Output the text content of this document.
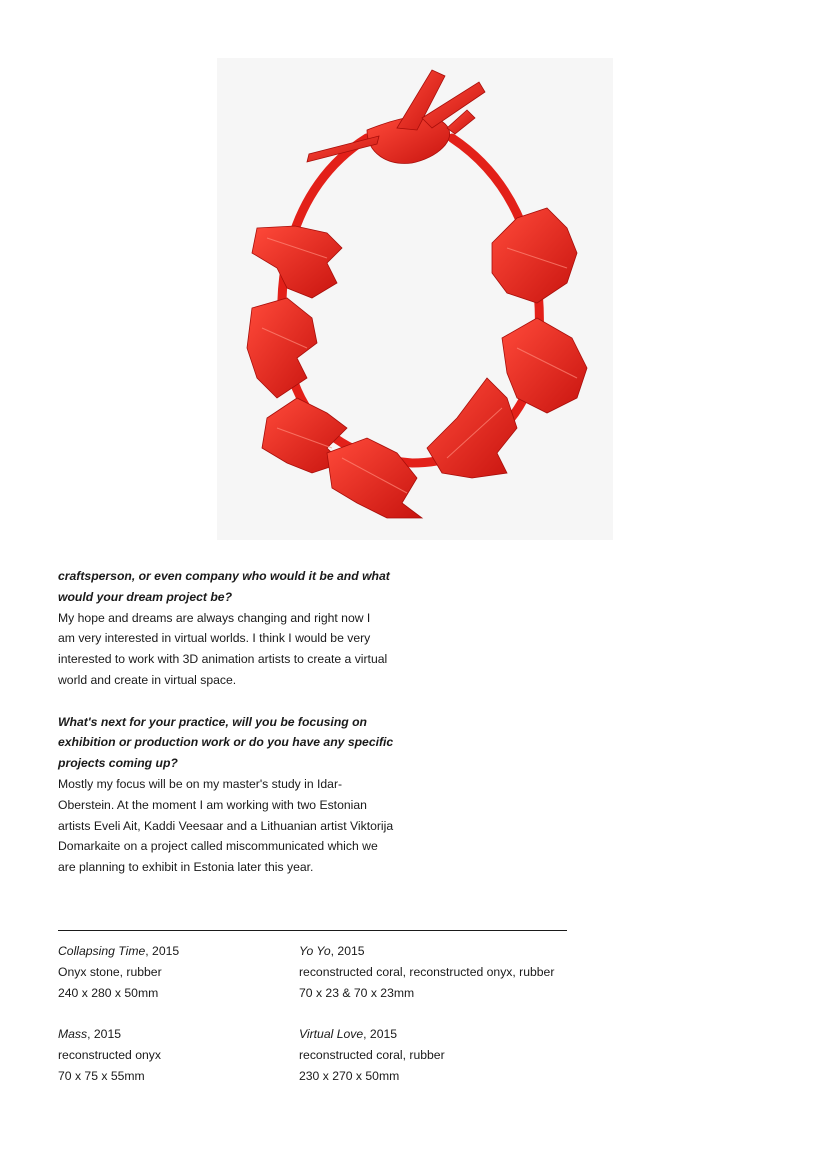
craftsperson, or even company who would it be and what

would your dream project be?

My hope and dreams are always changing and right now I

am very interested in virtual worlds. I think I would be very

interested to work with 3D animation artists to create a virtual

world and create in virtual space.

What's next for your practice, will you be focusing on

exhibition or production work or do you have any specific

projects coming up?

Mostly my focus will be on my master's study in Idar-

Oberstein. At the moment I am working with two Estonian

artists Eveli Ait, Kaddi Veesaar and a Lithuanian artist Viktorija

Domarkaite on a project called miscommunicated which we

are planning to exhibit in Estonia later this year.

Collapsing Time, 2015
Onyx stone, rubber
240 x 280 x 50mm
Yo Yo, 2015
reconstructed coral, reconstructed onyx, rubber
70 x 23 & 70 x 23mm
Mass, 2015
reconstructed onyx
70 x 75 x 55mm
Virtual Love, 2015
reconstructed coral, rubber
230 x 270 x 50mm
